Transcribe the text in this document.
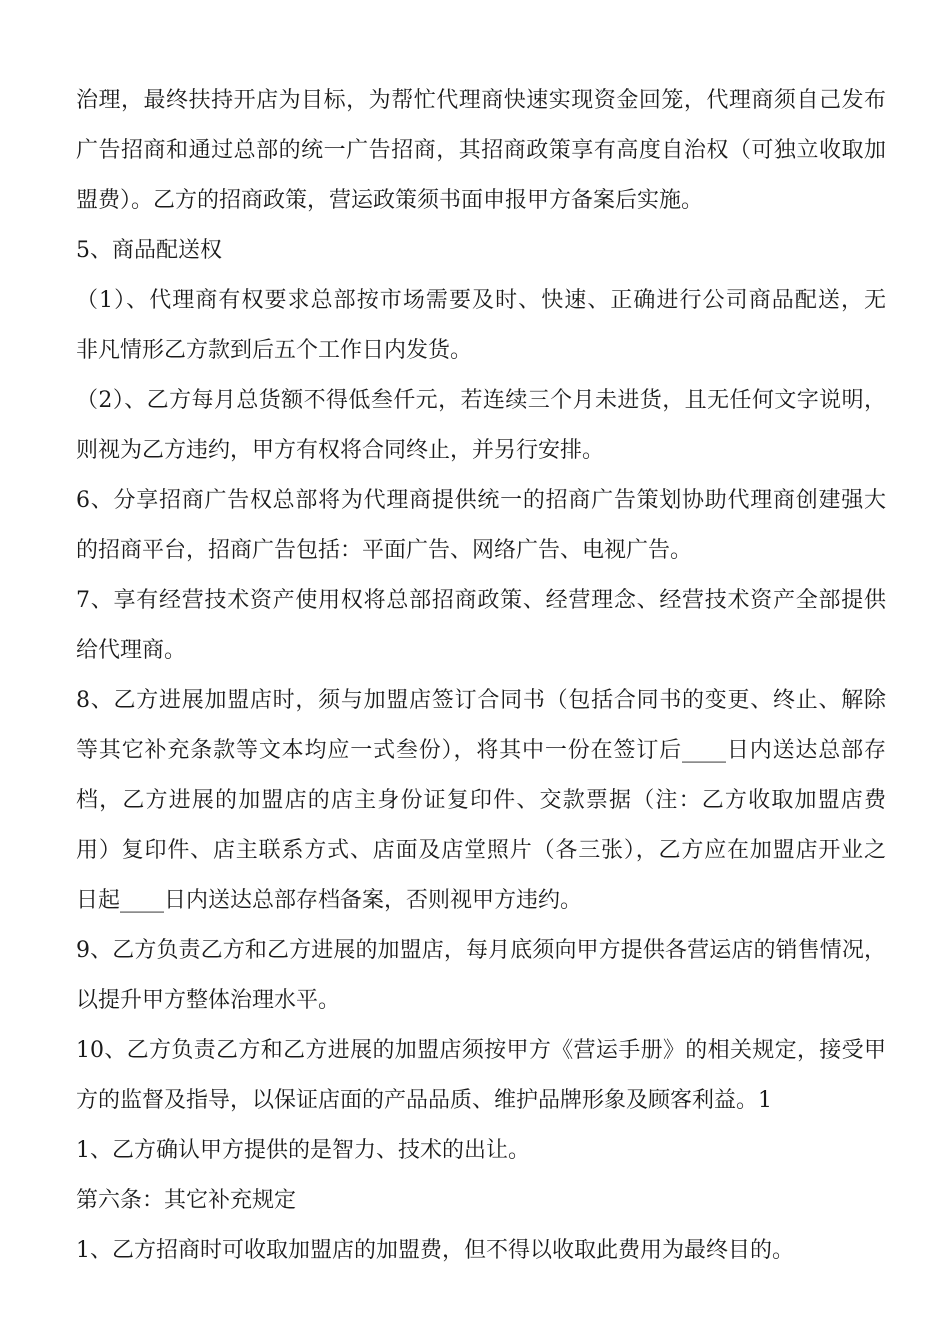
治理，最终扶持开店为目标，为帮忙代理商快速实现资金回笼，代理商须自己发布
广告招商和通过总部的统一广告招商，其招商政策享有高度自治权（可独立收取加
盟费）。乙方的招商政策，营运政策须书面申报甲方备案后实施。
5、商品配送权
（1）、代理商有权要求总部按市场需要及时、快速、正确进行公司商品配送，无
非凡情形乙方款到后五个工作日内发货。
（2）、乙方每月总货额不得低叁仟元，若连续三个月未进货，且无任何文字说明，
则视为乙方违约，甲方有权将合同终止，并另行安排。
6、分享招商广告权总部将为代理商提供统一的招商广告策划协助代理商创建强大
的招商平台，招商广告包括：平面广告、网络广告、电视广告。
7、享有经营技术资产使用权将总部招商政策、经营理念、经营技术资产全部提供
给代理商。
8、乙方进展加盟店时，须与加盟店签订合同书（包括合同书的变更、终止、解除
等其它补充条款等文本均应一式叁份），将其中一份在签订后____日内送达总部存
档，乙方进展的加盟店的店主身份证复印件、交款票据（注：乙方收取加盟店费
用）复印件、店主联系方式、店面及店堂照片（各三张），乙方应在加盟店开业之
日起____日内送达总部存档备案，否则视甲方违约。
9、乙方负责乙方和乙方进展的加盟店，每月底须向甲方提供各营运店的销售情况，
以提升甲方整体治理水平。
10、乙方负责乙方和乙方进展的加盟店须按甲方《营运手册》的相关规定，接受甲
方的监督及指导，以保证店面的产品品质、维护品牌形象及顾客利益。1
1、乙方确认甲方提供的是智力、技术的出让。
第六条：其它补充规定
1、乙方招商时可收取加盟店的加盟费，但不得以收取此费用为最终目的。
